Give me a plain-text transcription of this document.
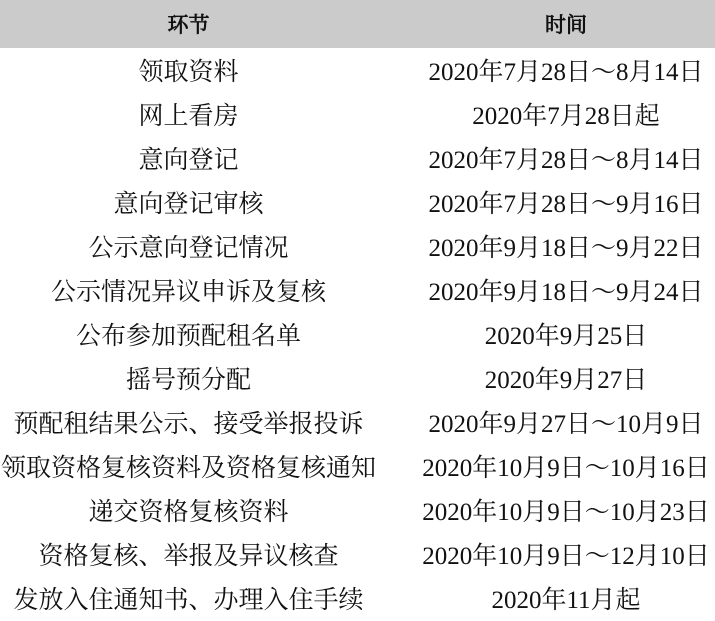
环节	时间
领取资料	2020年7月28日～8月14日
网上看房	2020年7月28日起
意向登记	2020年7月28日～8月14日
意向登记审核	2020年7月28日～9月16日
公示意向登记情况	2020年9月18日～9月22日
公示情况异议申诉及复核	2020年9月18日～9月24日
公布参加预配租名单	2020年9月25日
摇号预分配	2020年9月27日
预配租结果公示、接受举报投诉	2020年9月27日～10月9日
领取资格复核资料及资格复核通知	2020年10月9日～10月16日
递交资格复核资料	2020年10月9日～10月23日
资格复核、举报及异议核查	2020年10月9日～12月10日
发放入住通知书、办理入住手续	2020年11月起
